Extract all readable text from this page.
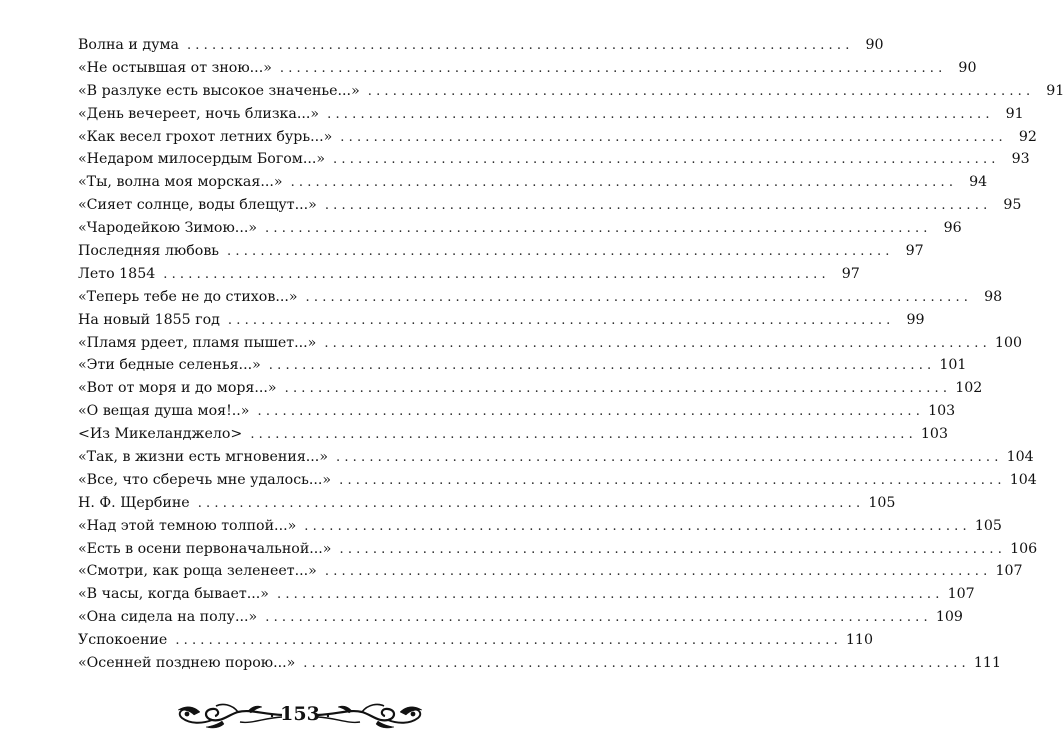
Волна и дума ................................................................................ 90
«Не остывшая от зною...» ................................................................................ 90
«В разлуке есть высокое значенье...» ................................................................................ 91
«День вечереет, ночь близка...» ................................................................................ 91
«Как весел грохот летних бурь...» ................................................................................ 92
«Недаром милосердым Богом...» ................................................................................ 93
«Ты, волна моя морская...» ................................................................................ 94
«Сияет солнце, воды блещут...» ................................................................................ 95
«Чародейкою Зимою...» ................................................................................ 96
Последняя любовь ................................................................................ 97
Лето 1854 ................................................................................ 97
«Теперь тебе не до стихов...» ................................................................................ 98
На новый 1855 год ................................................................................ 99
«Пламя рдеет, пламя пышет...» ................................................................................ 100
«Эти бедные селенья...» ................................................................................ 101
«Вот от моря и до моря...» ................................................................................ 102
«О вещая душа моя!..» ................................................................................ 103
<Из Микеланджело> ................................................................................ 103
«Так, в жизни есть мгновения...» ................................................................................ 104
«Все, что сберечь мне удалось...» ................................................................................ 104
Н. Ф. Щербине ................................................................................ 105
«Над этой темною толпой...» ................................................................................ 105
«Есть в осени первоначальной...» ................................................................................ 106
«Смотри, как роща зеленеет...» ................................................................................ 107
«В часы, когда бывает...» ................................................................................ 107
«Она сидела на полу...» ................................................................................ 109
Успокоение ................................................................................ 110
«Осенней позднею порою...» ................................................................................ 111
153
